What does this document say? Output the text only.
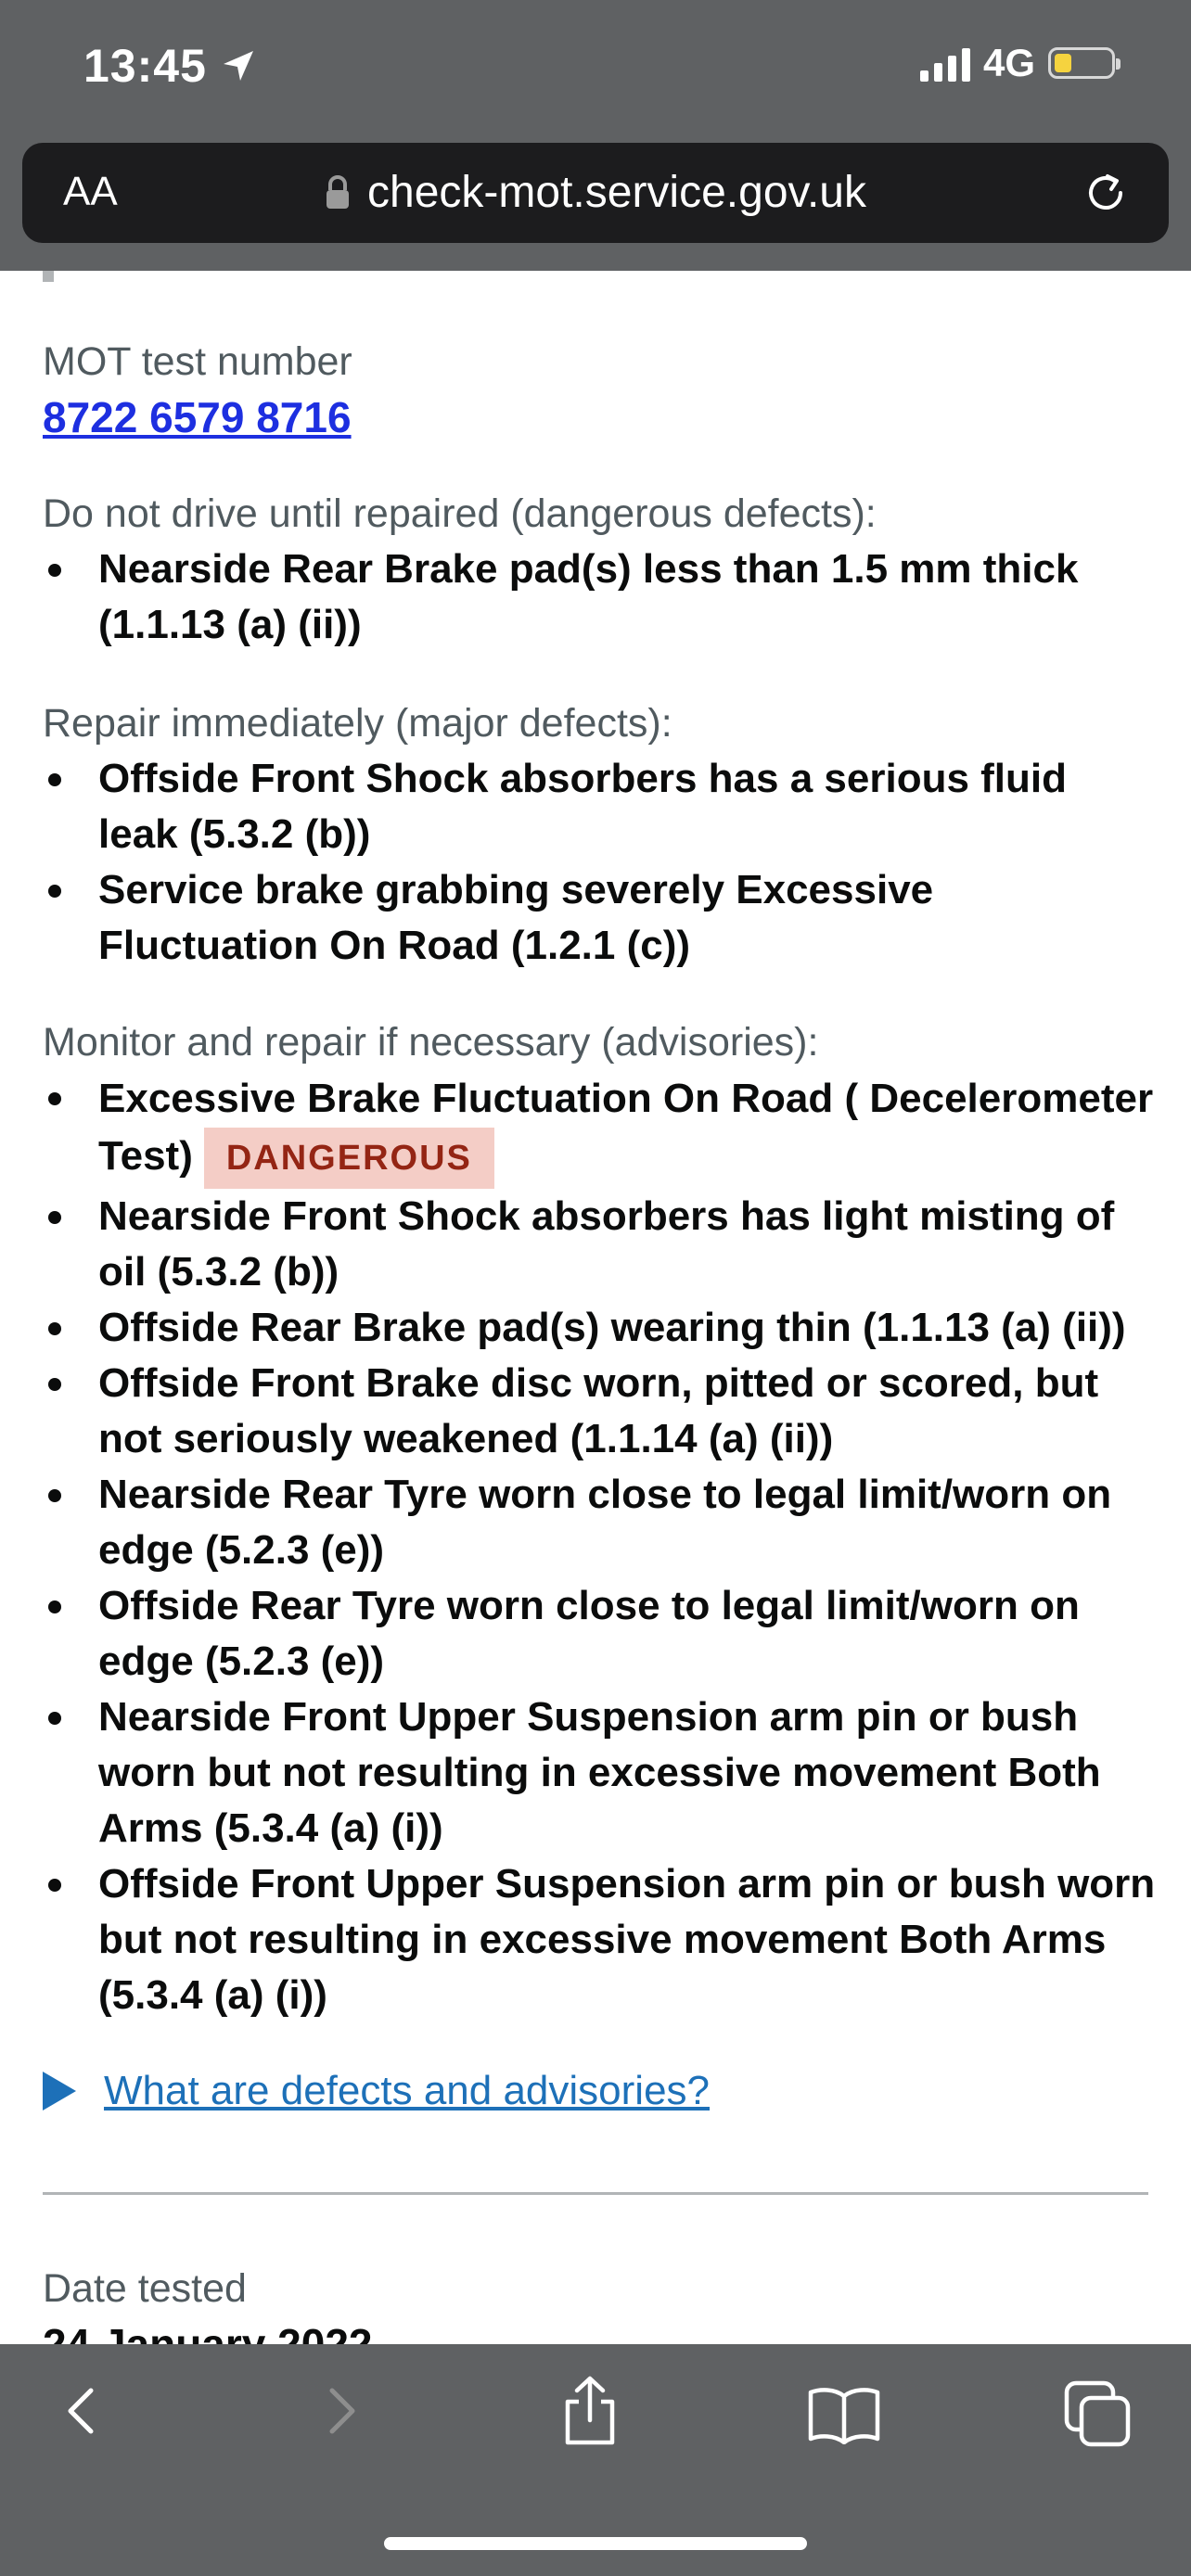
13:45	4G
AA	check-mot.service.gov.uk
MOT test number
8722 6579 8716
Do not drive until repaired (dangerous defects):
Nearside Rear Brake pad(s) less than 1.5 mm thick (1.1.13 (a) (ii))
Repair immediately (major defects):
Offside Front Shock absorbers has a serious fluid leak (5.3.2 (b))
Service brake grabbing severely Excessive Fluctuation On Road (1.2.1 (c))
Monitor and repair if necessary (advisories):
Excessive Brake Fluctuation On Road ( Decelerometer Test) DANGEROUS
Nearside Front Shock absorbers has light misting of oil (5.3.2 (b))
Offside Rear Brake pad(s) wearing thin (1.1.13 (a) (ii))
Offside Front Brake disc worn, pitted or scored, but not seriously weakened (1.1.14 (a) (ii))
Nearside Rear Tyre worn close to legal limit/worn on edge (5.2.3 (e))
Offside Rear Tyre worn close to legal limit/worn on edge (5.2.3 (e))
Nearside Front Upper Suspension arm pin or bush worn but not resulting in excessive movement Both Arms (5.3.4 (a) (i))
Offside Front Upper Suspension arm pin or bush worn but not resulting in excessive movement Both Arms (5.3.4 (a) (i))
What are defects and advisories?
Date tested
